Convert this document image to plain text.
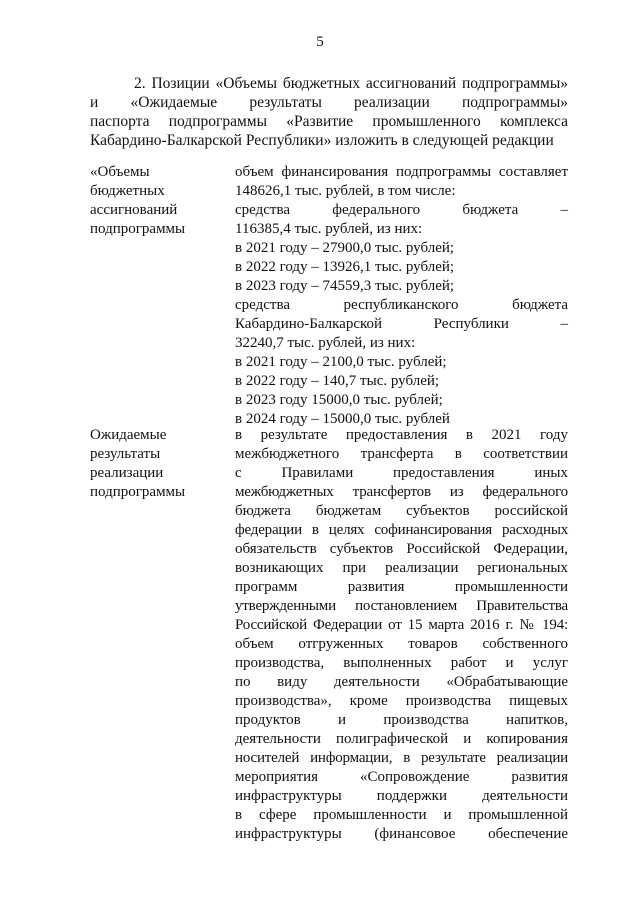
5
2. Позиции «Объемы бюджетных ассигнований подпрограммы»
и «Ожидаемые результаты реализации подпрограммы»
паспорта подпрограммы «Развитие промышленного комплекса
Кабардино-Балкарской Республики» изложить в следующей редакции
«Объемы
бюджетных
ассигнований
подпрограммы
объем финансирования подпрограммы составляет
148626,1 тыс. рублей, в том числе:
средства федерального бюджета –
116385,4 тыс. рублей, из них:
в 2021 году – 27900,0 тыс. рублей;
в 2022 году – 13926,1 тыс. рублей;
в 2023 году – 74559,3 тыс. рублей;
средства республиканского бюджета
Кабардино-Балкарской Республики –
32240,7 тыс. рублей, из них:
в 2021 году – 2100,0 тыс. рублей;
в 2022 году – 140,7 тыс. рублей;
в 2023 году 15000,0 тыс. рублей;
в 2024 году – 15000,0 тыс. рублей
Ожидаемые
результаты
реализации
подпрограммы
в результате предоставления в 2021 году
межбюджетного трансферта в соответствии
с Правилами предоставления иных
межбюджетных трансфертов из федерального
бюджета бюджетам субъектов российской
федерации в целях софинансирования расходных
обязательств субъектов Российской Федерации,
возникающих при реализации региональных
программ развития промышленности
утвержденными постановлением Правительства
Российской Федерации от 15 марта 2016 г. № 194:
объем отгруженных товаров собственного
производства, выполненных работ и услуг
по виду деятельности «Обрабатывающие
производства», кроме производства пищевых
продуктов и производства напитков,
деятельности полиграфической и копирования
носителей информации, в результате реализации
мероприятия «Сопровождение развития
инфраструктуры поддержки деятельности
в сфере промышленности и промышленной
инфраструктуры (финансовое обеспечение
